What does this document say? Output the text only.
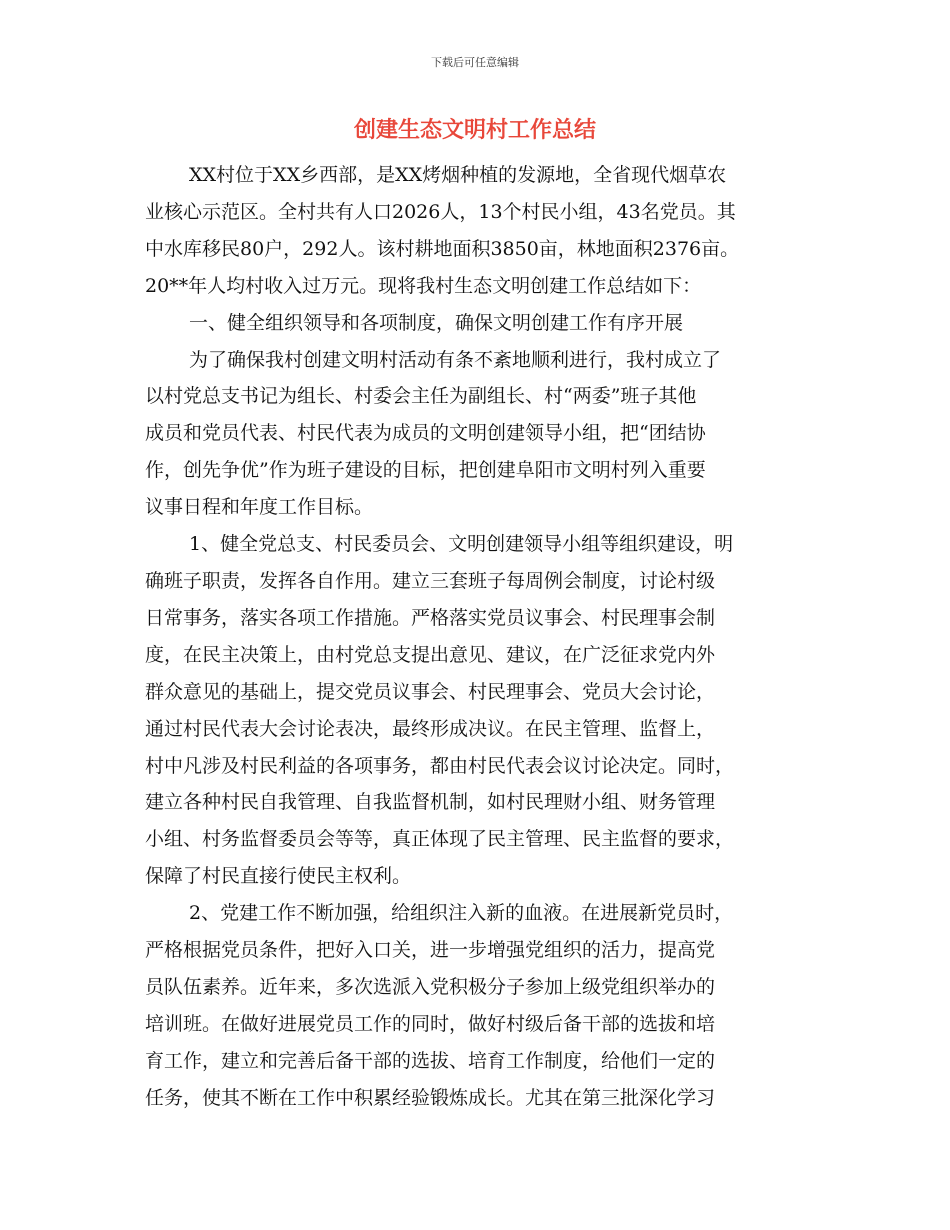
下载后可任意编辑
创建生态文明村工作总结

XX村位于XX乡西部，是XX烤烟种植的发源地，全省现代烟草农
业核心示范区。全村共有人口2026人，13个村民小组，43名党员。其
中水库移民80户，292人。该村耕地面积3850亩，林地面积2376亩。
20**年人均村收入过万元。现将我村生态文明创建工作总结如下：

一、健全组织领导和各项制度，确保文明创建工作有序开展

为了确保我村创建文明村活动有条不紊地顺利进行，我村成立了
以村党总支书记为组长、村委会主任为副组长、村“两委”班子其他
成员和党员代表、村民代表为成员的文明创建领导小组，把“团结协
作，创先争优”作为班子建设的目标，把创建阜阳市文明村列入重要
议事日程和年度工作目标。

1、健全党总支、村民委员会、文明创建领导小组等组织建设，明
确班子职责，发挥各自作用。建立三套班子每周例会制度，讨论村级
日常事务，落实各项工作措施。严格落实党员议事会、村民理事会制
度，在民主决策上，由村党总支提出意见、建议，在广泛征求党内外
群众意见的基础上，提交党员议事会、村民理事会、党员大会讨论，
通过村民代表大会讨论表决，最终形成决议。在民主管理、监督上，
村中凡涉及村民利益的各项事务，都由村民代表会议讨论决定。同时，
建立各种村民自我管理、自我监督机制，如村民理财小组、财务管理
小组、村务监督委员会等等，真正体现了民主管理、民主监督的要求，
保障了村民直接行使民主权利。

2、党建工作不断加强，给组织注入新的血液。在进展新党员时，
严格根据党员条件，把好入口关，进一步增强党组织的活力，提高党
员队伍素养。近年来，多次选派入党积极分子参加上级党组织举办的
培训班。在做好进展党员工作的同时，做好村级后备干部的选拔和培
育工作，建立和完善后备干部的选拔、培育工作制度，给他们一定的
任务，使其不断在工作中积累经验锻炼成长。尤其在第三批深化学习
